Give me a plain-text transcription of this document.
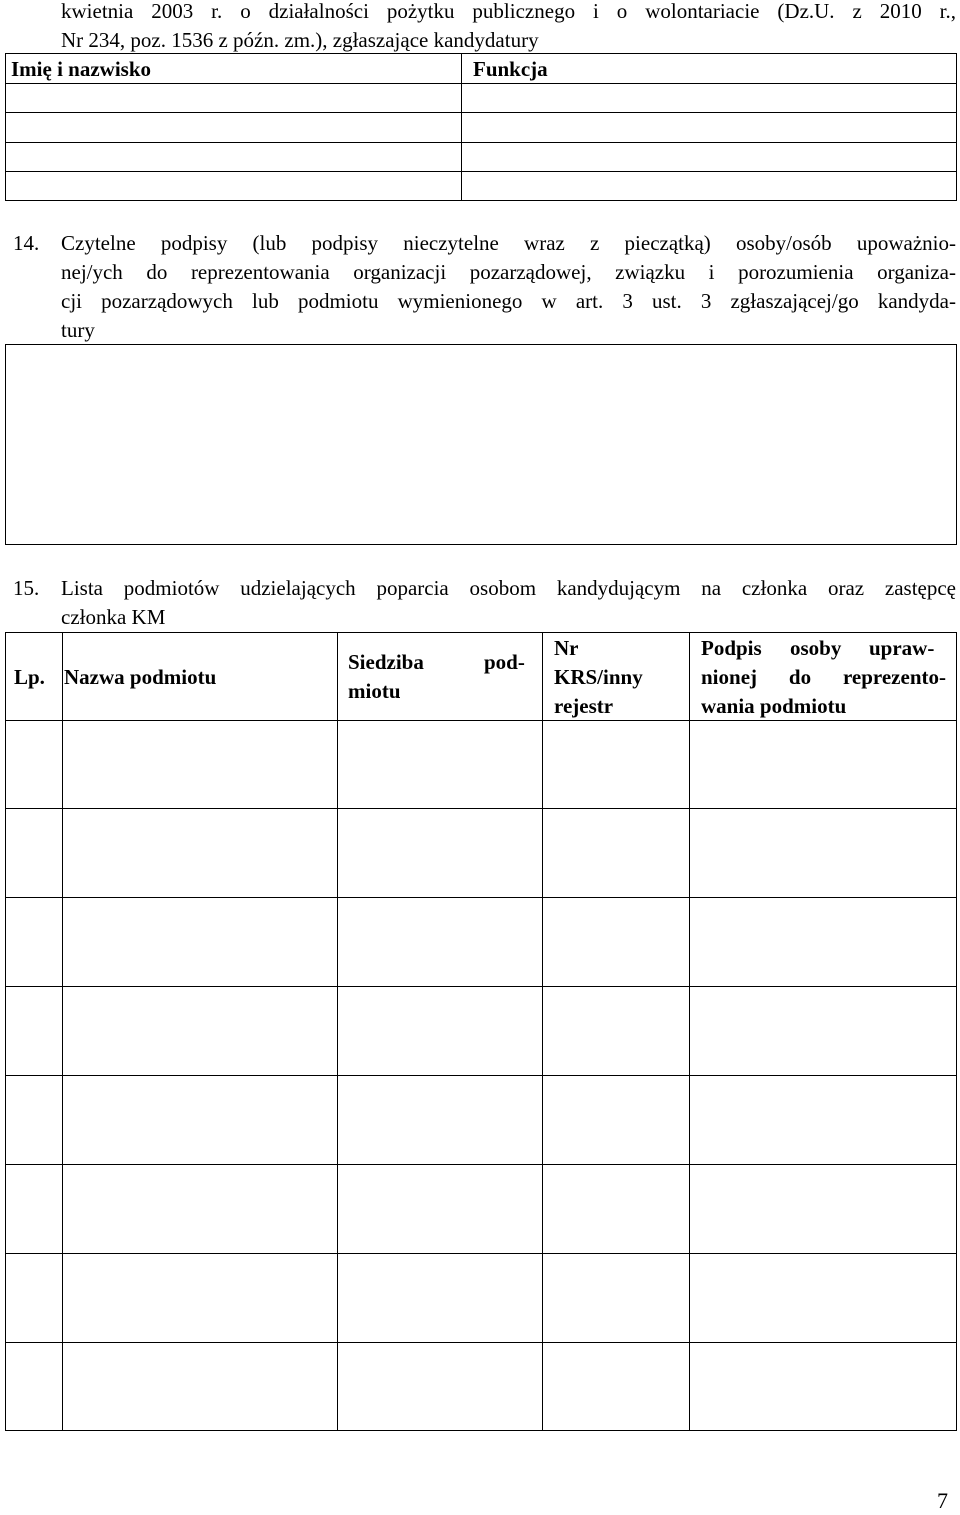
kwietnia 2003 r. o działalności pożytku publicznego i o wolontariacie (Dz.U. z 2010 r.,
Nr 234, poz. 1536 z późn. zm.), zgłaszające kandydatury
Imię i nazwisko	Funkcja
14. Czytelne podpisy (lub podpisy nieczytelne wraz z pieczątką) osoby/osób upoważnio-
nej/ych do reprezentowania organizacji pozarządowej, związku i porozumienia organiza-
cji pozarządowych lub podmiotu wymienionego w art. 3 ust. 3 zgłaszającej/go kandyda-
tury
15. Lista podmiotów udzielających poparcia osobom kandydującym na członka oraz zastępcę
członka KM
Lp. Nazwa podmiotu
Siedziba	pod-
miotu
Nr
KRS/inny
rejestr
Podpis osoby upraw-
nionej do reprezento-
wania podmiotu
7
